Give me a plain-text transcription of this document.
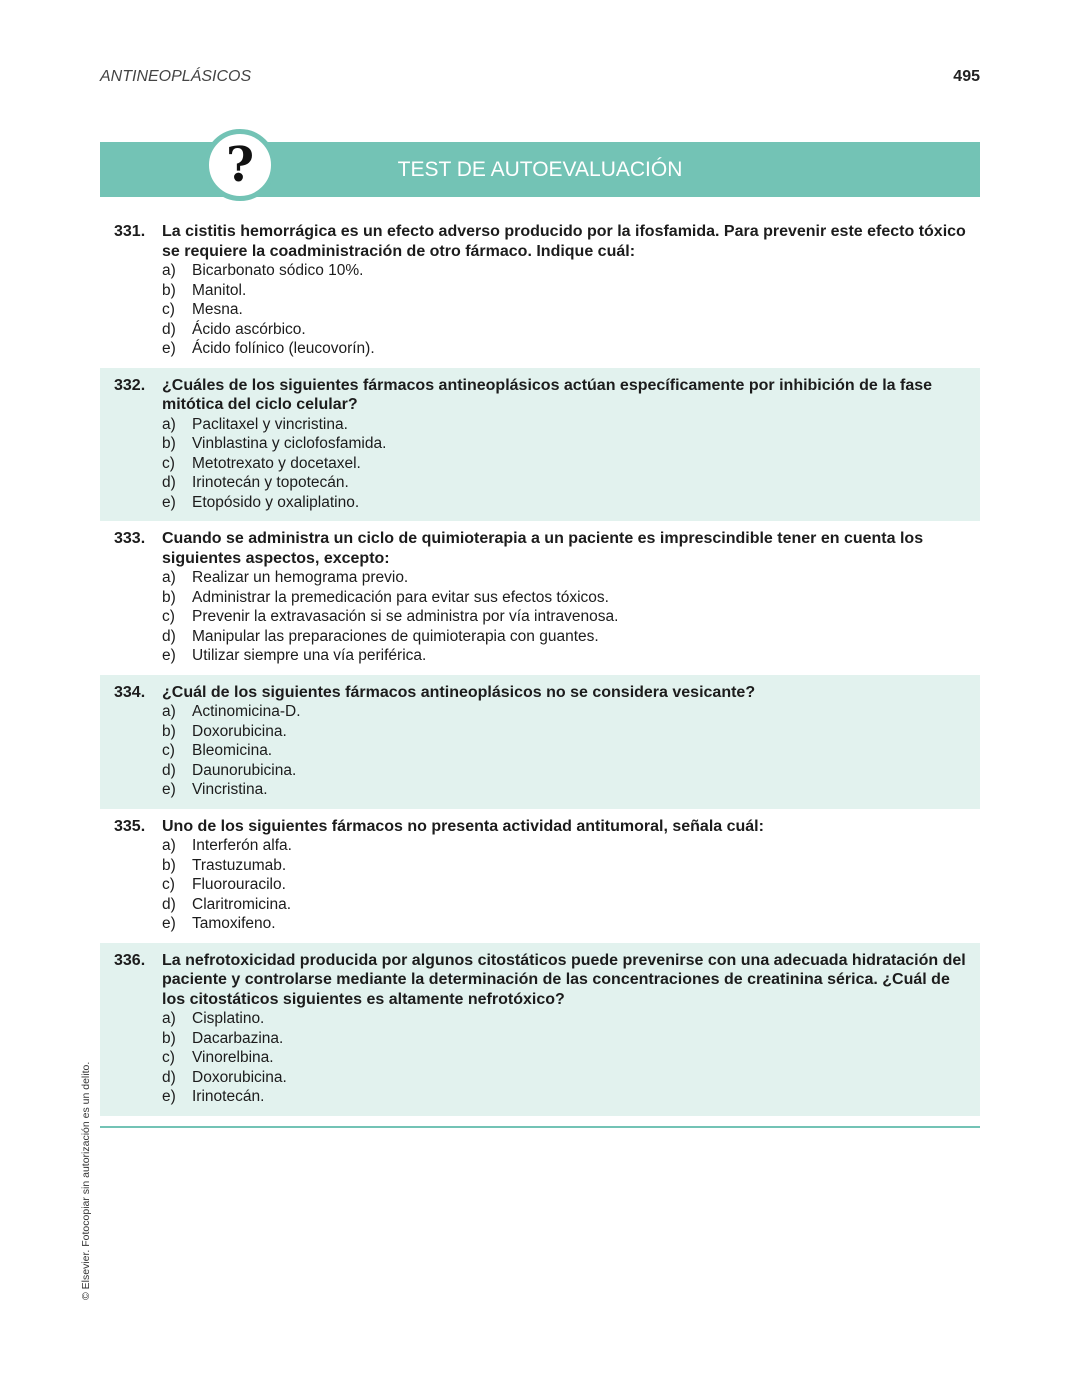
ANTINEOPLÁSICOS	495
TEST DE AUTOEVALUACIÓN
?
331.	La cistitis hemorrágica es un efecto adverso producido por la ifosfamida. Para prevenir este efecto tóxico se requiere la coadministración de otro fármaco. Indique cuál:
a)	Bicarbonato sódico 10%.
b)	Manitol.
c)	Mesna.
d)	Ácido ascórbico.
e)	Ácido folínico (leucovorín).
332.	¿Cuáles de los siguientes fármacos antineoplásicos actúan específicamente por inhibición de la fase mitótica del ciclo celular?
a)	Paclitaxel y vincristina.
b)	Vinblastina y ciclofosfamida.
c)	Metotrexato y docetaxel.
d)	Irinotecán y topotecán.
e)	Etopósido y oxaliplatino.
333.	Cuando se administra un ciclo de quimioterapia a un paciente es imprescindible tener en cuenta los siguientes aspectos, excepto:
a)	Realizar un hemograma previo.
b)	Administrar la premedicación para evitar sus efectos tóxicos.
c)	Prevenir la extravasación si se administra por vía intravenosa.
d)	Manipular las preparaciones de quimioterapia con guantes.
e)	Utilizar siempre una vía periférica.
334.	¿Cuál de los siguientes fármacos antineoplásicos no se considera vesicante?
a)	Actinomicina-D.
b)	Doxorubicina.
c)	Bleomicina.
d)	Daunorubicina.
e)	Vincristina.
335.	Uno de los siguientes fármacos no presenta actividad antitumoral, señala cuál:
a)	Interferón alfa.
b)	Trastuzumab.
c)	Fluorouracilo.
d)	Claritromicina.
e)	Tamoxifeno.
336.	La nefrotoxicidad producida por algunos citostáticos puede prevenirse con una adecuada hidratación del paciente y controlarse mediante la determinación de las concentraciones de creatinina sérica. ¿Cuál de los citostáticos siguientes es altamente nefrotóxico?
a)	Cisplatino.
b)	Dacarbazina.
c)	Vinorelbina.
d)	Doxorubicina.
e)	Irinotecán.
© Elsevier. Fotocopiar sin autorización es un delito.
